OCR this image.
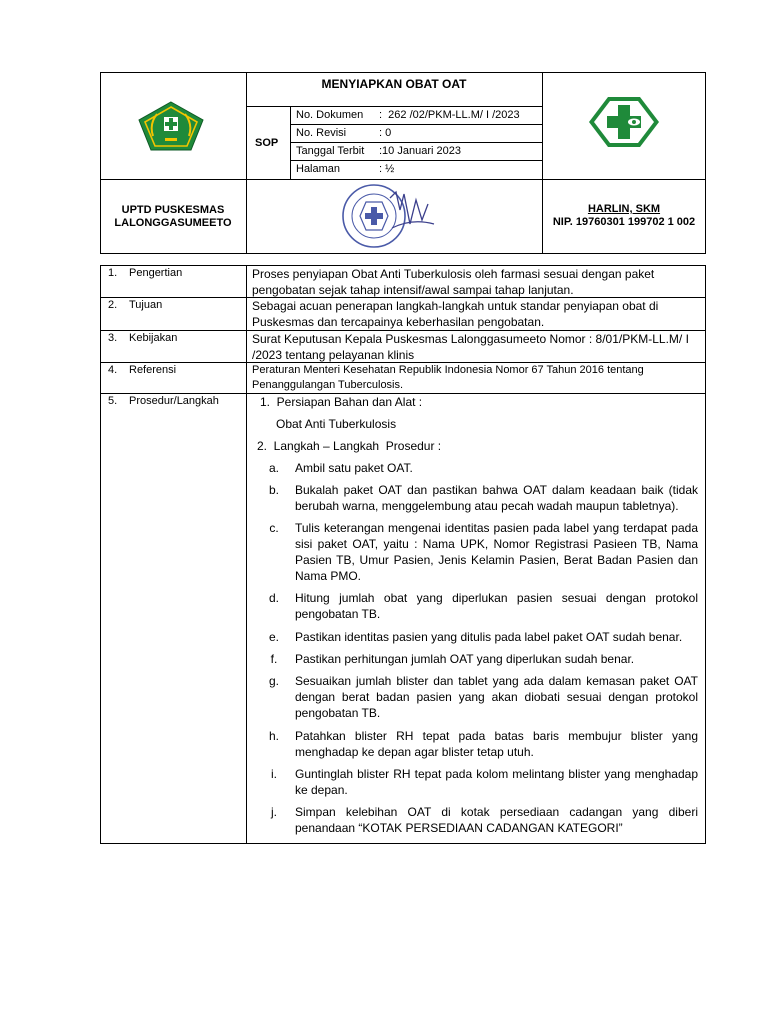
MENYIAPKAN OBAT OAT
SOP
No. Dokumen :  262 /02/PKM-LL.M/ I /2023
No. Revisi	: 0
Tanggal Terbit :10 Januari 2023
Halaman	: ½
UPTD PUSKESMAS
LALONGGASUMEETO
HARLIN, SKM
NIP. 19760301 199702 1 002
1. Pengertian	Proses penyiapan Obat Anti Tuberkulosis oleh farmasi sesuai dengan paket pengobatan sejak tahap intensif/awal sampai tahap lanjutan.
2. Tujuan	Sebagai acuan penerapan langkah-langkah untuk standar penyiapan obat di Puskesmas dan tercapainya keberhasilan pengobatan.
3. Kebijakan	Surat Keputusan Kepala Puskesmas Lalonggasumeeto Nomor : 8/01/PKM-LL.M/ I /2023 tentang pelayanan klinis
4. Referensi	Peraturan Menteri Kesehatan Republik Indonesia Nomor 67 Tahun 2016 tentang Penanggulangan Tuberculosis.
5. Prosedur/Langkah	1.  Persiapan Bahan dan Alat :
Obat Anti Tuberkulosis
2.  Langkah – Langkah  Prosedur :
a.	Ambil satu paket OAT.
b.	Bukalah paket OAT dan pastikan bahwa OAT dalam keadaan baik (tidak berubah warna, menggelembung atau pecah wadah maupun tabletnya).
c.	Tulis keterangan mengenai identitas pasien pada label yang terdapat pada sisi paket OAT, yaitu : Nama UPK, Nomor Registrasi Pasieen TB, Nama Pasien TB, Umur Pasien, Jenis Kelamin Pasien, Berat Badan Pasien dan Nama PMO.
d.	Hitung jumlah obat yang diperlukan pasien sesuai dengan protokol pengobatan TB.
e.	Pastikan identitas pasien yang ditulis pada label paket OAT sudah benar.
f.	Pastikan perhitungan jumlah OAT yang diperlukan sudah benar.
g.	Sesuaikan jumlah blister dan tablet yang ada dalam kemasan paket OAT dengan berat badan pasien yang akan diobati sesuai dengan protokol pengobatan TB.
h.	Patahkan blister RH tepat pada batas baris membujur blister yang menghadap ke depan agar blister tetap utuh.
i.	Guntinglah blister RH tepat pada kolom melintang blister yang menghadap ke depan.
j.	Simpan kelebihan OAT di kotak persediaan cadangan yang diberi penandaan “KOTAK PERSEDIAAN CADANGAN KATEGORI”
